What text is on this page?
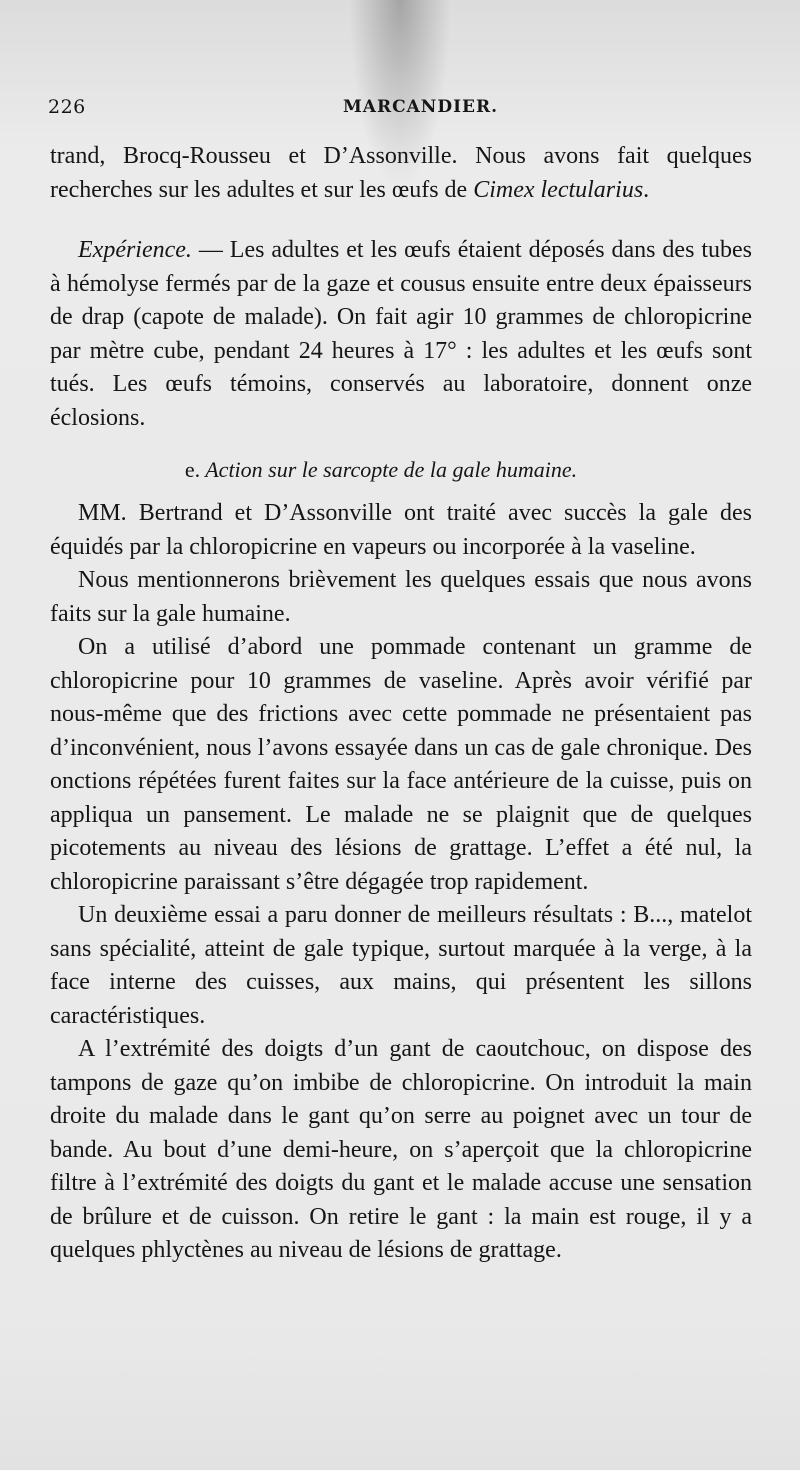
226	MARCANDIER.

trand, Brocq-Rousseu et D’Assonville. Nous avons fait quelques recherches sur les adultes et sur les œufs de Cimex lectularius.

Expérience. — Les adultes et les œufs étaient déposés dans des tubes à hémolyse fermés par de la gaze et cousus ensuite entre deux épaisseurs de drap (capote de malade). On fait agir 10 grammes de chloropicrine par mètre cube, pendant 24 heures à 17° : les adultes et les œufs sont tués. Les œufs témoins, conservés au laboratoire, donnent onze éclosions.

e. Action sur le sarcopte de la gale humaine.

MM. Bertrand et D’Assonville ont traité avec succès la gale des équidés par la chloropicrine en vapeurs ou incorporée à la vaseline.

Nous mentionnerons brièvement les quelques essais que nous avons faits sur la gale humaine.

On a utilisé d’abord une pommade contenant un gramme de chloropicrine pour 10 grammes de vaseline. Après avoir vérifié par nous-même que des frictions avec cette pommade ne présentaient pas d’inconvénient, nous l’avons essayée dans un cas de gale chronique. Des onctions répétées furent faites sur la face antérieure de la cuisse, puis on appliqua un pansement. Le malade ne se plaignit que de quelques picotements au niveau des lésions de grattage. L’effet a été nul, la chloropicrine paraissant s’être dégagée trop rapidement.

Un deuxième essai a paru donner de meilleurs résultats : B..., matelot sans spécialité, atteint de gale typique, surtout marquée à la verge, à la face interne des cuisses, aux mains, qui présentent les sillons caractéristiques.

A l’extrémité des doigts d’un gant de caoutchouc, on dispose des tampons de gaze qu’on imbibe de chloropicrine. On introduit la main droite du malade dans le gant qu’on serre au poignet avec un tour de bande. Au bout d’une demi-heure, on s’aperçoit que la chloropicrine filtre à l’extrémité des doigts du gant et le malade accuse une sensation de brûlure et de cuisson. On retire le gant : la main est rouge, il y a quelques phlyctènes au niveau de lésions de grattage.
